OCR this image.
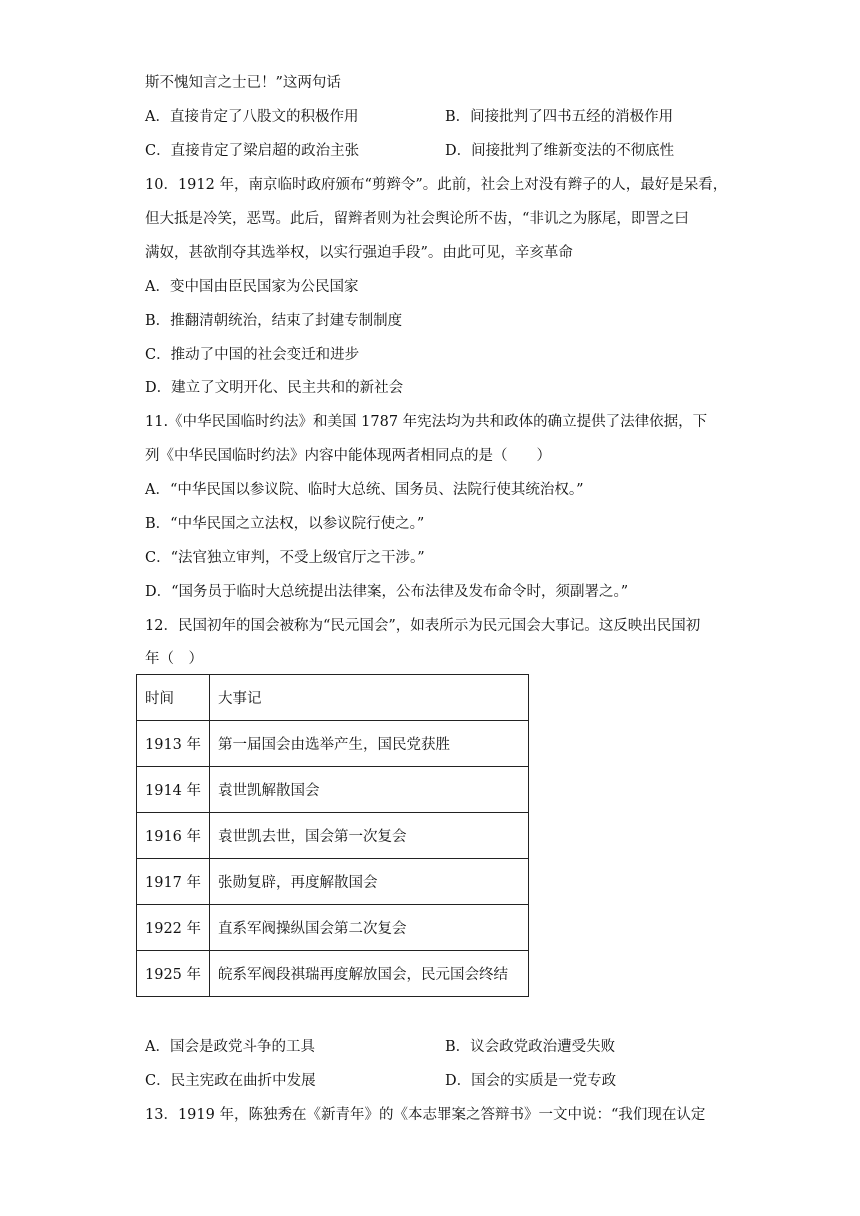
斯不愧知言之士已！”这两句话
A．直接肯定了八股文的积极作用	B．间接批判了四书五经的消极作用
C．直接肯定了梁启超的政治主张	D．间接批判了维新变法的不彻底性
10．1912 年，南京临时政府颁布“剪辫令”。此前，社会上对没有辫子的人，最好是呆看，
但大抵是冷笑，恶骂。此后，留辫者则为社会舆论所不齿，“非讥之为豚尾，即詈之曰
满奴，甚欲削夺其选举权，以实行强迫手段”。由此可见，辛亥革命
A．变中国由臣民国家为公民国家
B．推翻清朝统治，结束了封建专制制度
C．推动了中国的社会变迁和进步
D．建立了文明开化、民主共和的新社会
11.《中华民国临时约法》和美国 1787 年宪法均为共和政体的确立提供了法律依据，下
列《中华民国临时约法》内容中能体现两者相同点的是（　　）
A．“中华民国以参议院、临时大总统、国务员、法院行使其统治权。”
B．“中华民国之立法权，以参议院行使之。”
C．“法官独立审判，不受上级官厅之干涉。”
D．“国务员于临时大总统提出法律案，公布法律及发布命令时，须副署之。”
12．民国初年的国会被称为“民元国会”，如表所示为民元国会大事记。这反映出民国初
年（　）
时间	大事记
1913 年	第一届国会由选举产生，国民党获胜
1914 年	袁世凯解散国会
1916 年	袁世凯去世，国会第一次复会
1917 年	张勋复辟，再度解散国会
1922 年	直系军阀操纵国会第二次复会
1925 年	皖系军阀段祺瑞再度解放国会，民元国会终结
A．国会是政党斗争的工具	B．议会政党政治遭受失败
C．民主宪政在曲折中发展	D．国会的实质是一党专政
13．1919 年，陈独秀在《新青年》的《本志罪案之答辩书》一文中说：“我们现在认定
